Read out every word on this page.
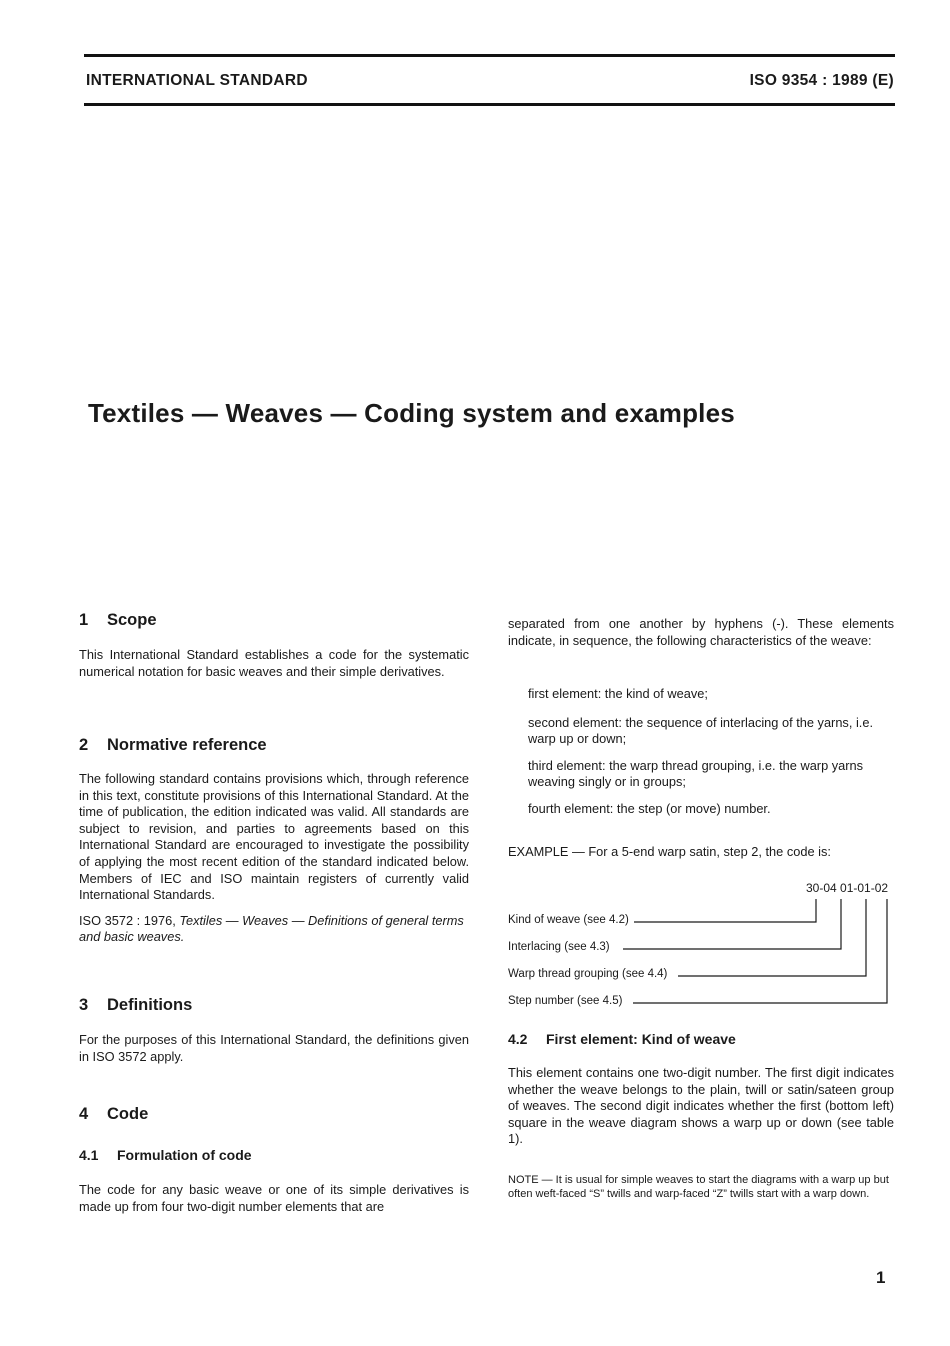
INTERNATIONAL STANDARD	ISO 9354 : 1989 (E)
Textiles — Weaves — Coding system and examples
1 Scope

This International Standard establishes a code for the systematic numerical notation for basic weaves and their simple derivatives.

2 Normative reference

The following standard contains provisions which, through reference in this text, constitute provisions of this International Standard. At the time of publication, the edition indicated was valid. All standards are subject to revision, and parties to agreements based on this International Standard are encouraged to investigate the possibility of applying the most recent edition of the standard indicated below. Members of IEC and ISO maintain registers of currently valid International Standards.

ISO 3572 : 1976, Textiles — Weaves — Definitions of general terms and basic weaves.

3 Definitions

For the purposes of this International Standard, the definitions given in ISO 3572 apply.

4 Code
4.1 Formulation of code

The code for any basic weave or one of its simple derivatives is made up from four two-digit number elements that are

separated from one another by hyphens (-). These elements indicate, in sequence, the following characteristics of the weave:

first element: the kind of weave;

second element: the sequence of interlacing of the yarns, i.e. warp up or down;

third element: the warp thread grouping, i.e. the warp yarns weaving singly or in groups;

fourth element: the step (or move) number.

EXAMPLE — For a 5-end warp satin, step 2, the code is:

30-04 01-01-02
Kind of weave (see 4.2)
Interlacing (see 4.3)
Warp thread grouping (see 4.4)
Step number (see 4.5)
4.2 First element: Kind of weave

This element contains one two-digit number. The first digit indicates whether the weave belongs to the plain, twill or satin/sateen group of weaves. The second digit indicates whether the first (bottom left) square in the weave diagram shows a warp up or down (see table 1).

NOTE — It is usual for simple weaves to start the diagrams with a warp up but often weft-faced “S” twills and warp-faced “Z” twills start with a warp down.

1
